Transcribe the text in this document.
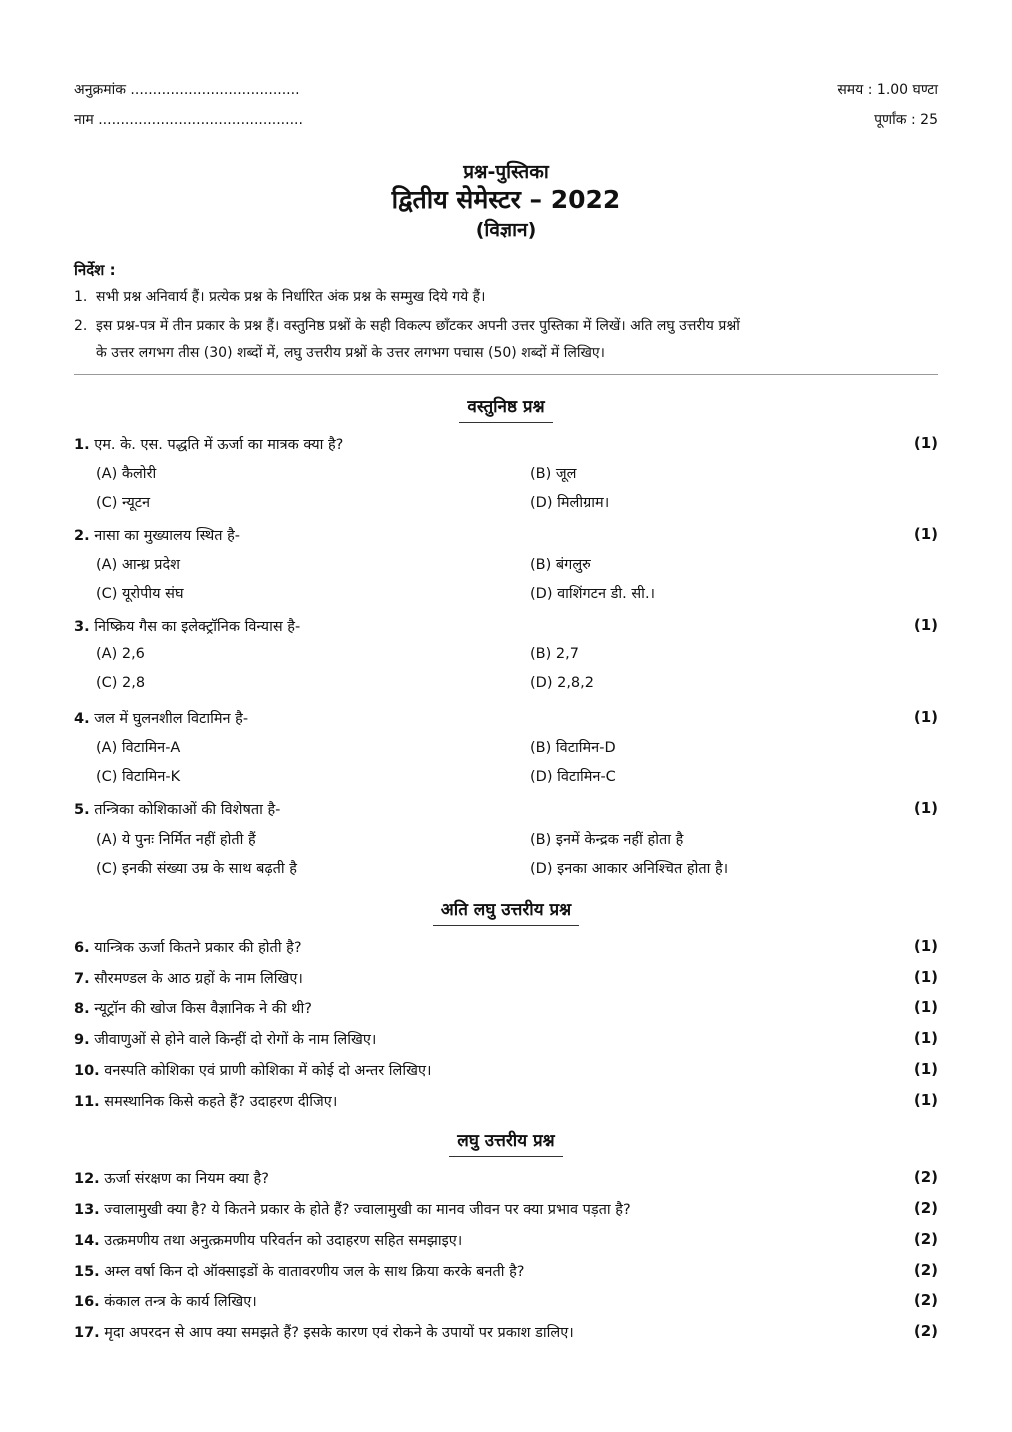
अनुक्रमांक ......................................
नाम ..............................................
समय : 1.00 घण्टा
पूर्णांक : 25
प्रश्न-पुस्तिका
द्वितीय सेमेस्टर – 2022
(विज्ञान)
निर्देश :
1. सभी प्रश्न अनिवार्य हैं। प्रत्येक प्रश्न के निर्धारित अंक प्रश्न के सम्मुख दिये गये हैं।
2. इस प्रश्न-पत्र में तीन प्रकार के प्रश्न हैं। वस्तुनिष्ठ प्रश्नों के सही विकल्प छाँटकर अपनी उत्तर पुस्तिका में लिखें। अति लघु उत्तरीय प्रश्नों
के उत्तर लगभग तीस (30) शब्दों में, लघु उत्तरीय प्रश्नों के उत्तर लगभग पचास (50) शब्दों में लिखिए।
वस्तुनिष्ठ प्रश्न
1. एम. के. एस. पद्धति में ऊर्जा का मात्रक क्या है?	(1)
(A) कैलोरी	(B) जूल
(C) न्यूटन	(D) मिलीग्राम।
2. नासा का मुख्यालय स्थित है-	(1)
(A) आन्ध्र प्रदेश	(B) बंगलुरु
(C) यूरोपीय संघ	(D) वाशिंगटन डी. सी.।
3. निष्क्रिय गैस का इलेक्ट्रॉनिक विन्यास है-	(1)
(A) 2,6	(B) 2,7
(C) 2,8	(D) 2,8,2
4. जल में घुलनशील विटामिन है-	(1)
(A) विटामिन-A	(B) विटामिन-D
(C) विटामिन-K	(D) विटामिन-C
5. तन्त्रिका कोशिकाओं की विशेषता है-	(1)
(A) ये पुनः निर्मित नहीं होती हैं	(B) इनमें केन्द्रक नहीं होता है
(C) इनकी संख्या उम्र के साथ बढ़ती है	(D) इनका आकार अनिश्चित होता है।
अति लघु उत्तरीय प्रश्न
6. यान्त्रिक ऊर्जा कितने प्रकार की होती है?	(1)
7. सौरमण्डल के आठ ग्रहों के नाम लिखिए।	(1)
8. न्यूट्रॉन की खोज किस वैज्ञानिक ने की थी?	(1)
9. जीवाणुओं से होने वाले किन्हीं दो रोगों के नाम लिखिए।	(1)
10. वनस्पति कोशिका एवं प्राणी कोशिका में कोई दो अन्तर लिखिए।	(1)
11. समस्थानिक किसे कहते हैं? उदाहरण दीजिए।	(1)
लघु उत्तरीय प्रश्न
12. ऊर्जा संरक्षण का नियम क्या है?	(2)
13. ज्वालामुखी क्या है? ये कितने प्रकार के होते हैं? ज्वालामुखी का मानव जीवन पर क्या प्रभाव पड़ता है?	(2)
14. उत्क्रमणीय तथा अनुत्क्रमणीय परिवर्तन को उदाहरण सहित समझाइए।	(2)
15. अम्ल वर्षा किन दो ऑक्साइडों के वातावरणीय जल के साथ क्रिया करके बनती है?	(2)
16. कंकाल तन्त्र के कार्य लिखिए।	(2)
17. मृदा अपरदन से आप क्या समझते हैं? इसके कारण एवं रोकने के उपायों पर प्रकाश डालिए।	(2)
